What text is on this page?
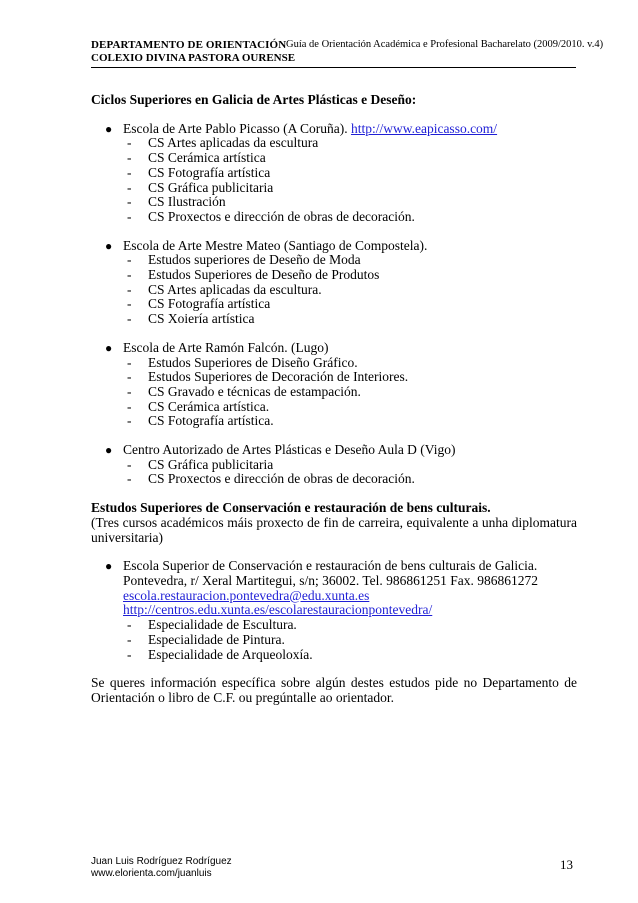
DEPARTAMENTO DE ORIENTACIÓN Guía de Orientación Académica e Profesional Bacharelato (2009/2010. v.4)
COLEXIO DIVINA PASTORA OURENSE
Ciclos Superiores en Galicia de Artes Plásticas e Deseño:
● Escola de Arte Pablo Picasso (A Coruña). http://www.eapicasso.com/
- CS Artes aplicadas da escultura
- CS Cerámica artística
- CS Fotografía artística
- CS Gráfica publicitaria
- CS Ilustración
- CS Proxectos e dirección de obras de decoración.
● Escola de Arte Mestre Mateo (Santiago de Compostela).
- Estudos superiores de Deseño de Moda
- Estudos Superiores de Deseño de Produtos
- CS Artes aplicadas da escultura.
- CS Fotografía artística
- CS Xoiería artística
● Escola de Arte Ramón Falcón. (Lugo)
- Estudos Superiores de Diseño Gráfico.
- Estudos Superiores de Decoración de Interiores.
- CS Gravado e técnicas de estampación.
- CS Cerámica artística.
- CS Fotografía artística.
● Centro Autorizado de Artes Plásticas e Deseño Aula D (Vigo)
- CS Gráfica publicitaria
- CS Proxectos e dirección de obras de decoración.
Estudos Superiores de Conservación e restauración de bens culturais.
(Tres cursos académicos máis proxecto de fin de carreira, equivalente a unha diplomatura universitaria)
● Escola Superior de Conservación e restauración de bens culturais de Galicia.
Pontevedra, r/ Xeral Martitegui, s/n; 36002. Tel. 986861251 Fax. 986861272
escola.restauracion.pontevedra@edu.xunta.es
http://centros.edu.xunta.es/escolarestauracionpontevedra/
- Especialidade de Escultura.
- Especialidade de Pintura.
- Especialidade de Arqueoloxía.
Se queres información específica sobre algún destes estudos pide no Departamento de Orientación o libro de C.F. ou pregúntalle ao orientador.
Juan Luis Rodríguez Rodríguez
www.elorienta.com/juanluis
13
